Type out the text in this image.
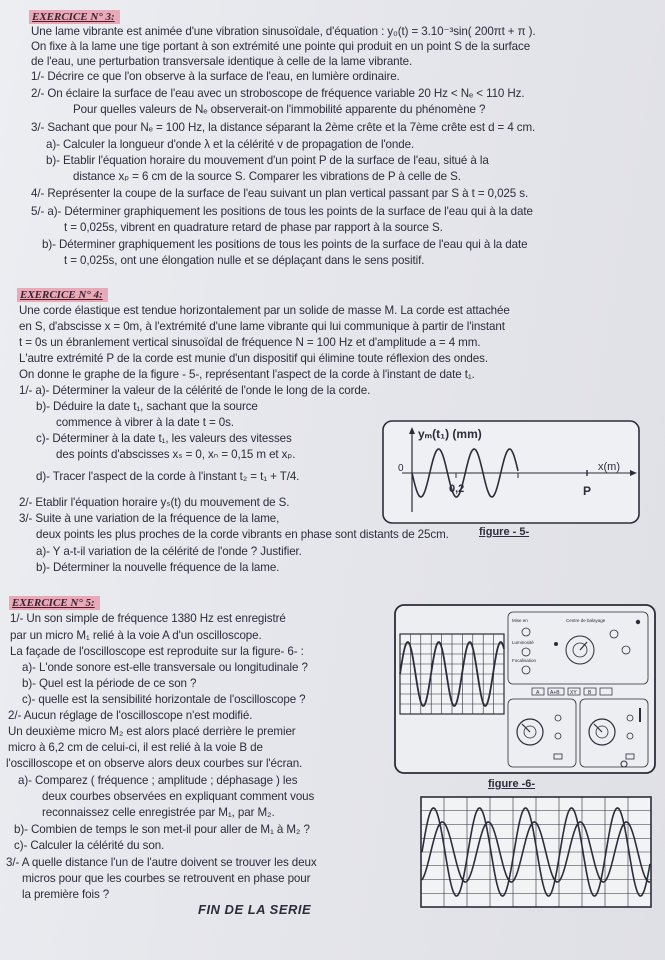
EXERCICE N° 3:
Une lame vibrante est animée d'une vibration sinusoïdale, d'équation : y₀(t) = 3.10⁻³sin( 200πt + π ).
On fixe à la lame une tige portant à son extrémité une pointe qui produit en un point S de la surface
de l'eau, une perturbation transversale identique à celle de la lame vibrante.
1/- Décrire ce que l'on observe à la surface de l'eau, en lumière ordinaire.
2/- On éclaire la surface de l'eau avec un stroboscope de fréquence variable 20 Hz < Nₑ < 110 Hz.
Pour quelles valeurs de Nₑ observerait-on l'immobilité apparente du phénomène ?
3/- Sachant que pour Nₑ = 100 Hz, la distance séparant la 2ème crête et la 7ème crête est d = 4 cm.
a)- Calculer la longueur d'onde λ et la célérité v de propagation de l'onde.
b)- Etablir l'équation horaire du mouvement d'un point P de la surface de l'eau, situé à la
distance xₚ = 6 cm de la source S. Comparer les vibrations de P à celle de S.
4/- Représenter la coupe de la surface de l'eau suivant un plan vertical passant par S à t = 0,025 s.
5/- a)- Déterminer graphiquement les positions de tous les points de la surface de l'eau qui à la date
t = 0,025s, vibrent en quadrature retard de phase par rapport à la source S.
b)- Déterminer graphiquement les positions de tous les points de la surface de l'eau qui à la date
t = 0,025s, ont une élongation nulle et se déplaçant dans le sens positif.
EXERCICE N° 4:
Une corde élastique est tendue horizontalement par un solide de masse M. La corde est attachée
en S, d'abscisse x = 0m, à l'extrémité d'une lame vibrante qui lui communique à partir de l'instant
t = 0s un ébranlement vertical sinusoïdal de fréquence N = 100 Hz et d'amplitude a = 4 mm.
L'autre extrémité P de la corde est munie d'un dispositif qui élimine toute réflexion des ondes.
On donne le graphe de la figure - 5-, représentant l'aspect de la corde à l'instant de date t₁.
1/- a)- Déterminer la valeur de la célérité de l'onde le long de la corde.
b)- Déduire la date t₁, sachant que la source
commence à vibrer à la date t = 0s.
c)- Déterminer à la date t₁, les valeurs des vitesses
des points d'abscisses xₛ = 0, xₙ = 0,15 m et xₚ.
d)- Tracer l'aspect de la corde à l'instant t₂ = t₁ + T/4.
2/- Etablir l'équation horaire yₛ(t) du mouvement de S.
3/- Suite à une variation de la fréquence de la lame,
deux points les plus proches de la corde vibrants en phase sont distants de 25cm.
a)- Y a-t-il variation de la célérité de l'onde ? Justifier.
b)- Déterminer la nouvelle fréquence de la lame.
yₘ(t₁) (mm)
x(m)
0
0,2	P
figure - 5-
EXERCICE N° 5:
1/- Un son simple de fréquence 1380 Hz est enregistré
par un micro M₁ relié à la voie A d'un oscilloscope.
La façade de l'oscilloscope est reproduite sur la figure- 6- :
a)- L'onde sonore est-elle transversale ou longitudinale ?
b)- Quel est la période de ce son ?
c)- quelle est la sensibilité horizontale de l'oscilloscope ?
2/- Aucun réglage de l'oscilloscope n'est modifié.
Un deuxième micro M₂ est alors placé derrière le premier
micro à 6,2 cm de celui-ci, il est relié à la voie B de
l'oscilloscope et on observe alors deux courbes sur l'écran.
a)- Comparez ( fréquence ; amplitude ; déphasage ) les
deux courbes observées en expliquant comment vous
reconnaissez celle enregistrée par M₁, par M₂.
b)- Combien de temps le son met-il pour aller de M₁ à M₂ ?
c)- Calculer la célérité du son.
3/- A quelle distance l'un de l'autre doivent se trouver les deux
micros pour que les courbes se retrouvent en phase pour
la première fois ?
Mise en
Luminosité
Focalisation
Centre de balayage
A A+B XY B
figure -6-
FIN DE LA SERIE
